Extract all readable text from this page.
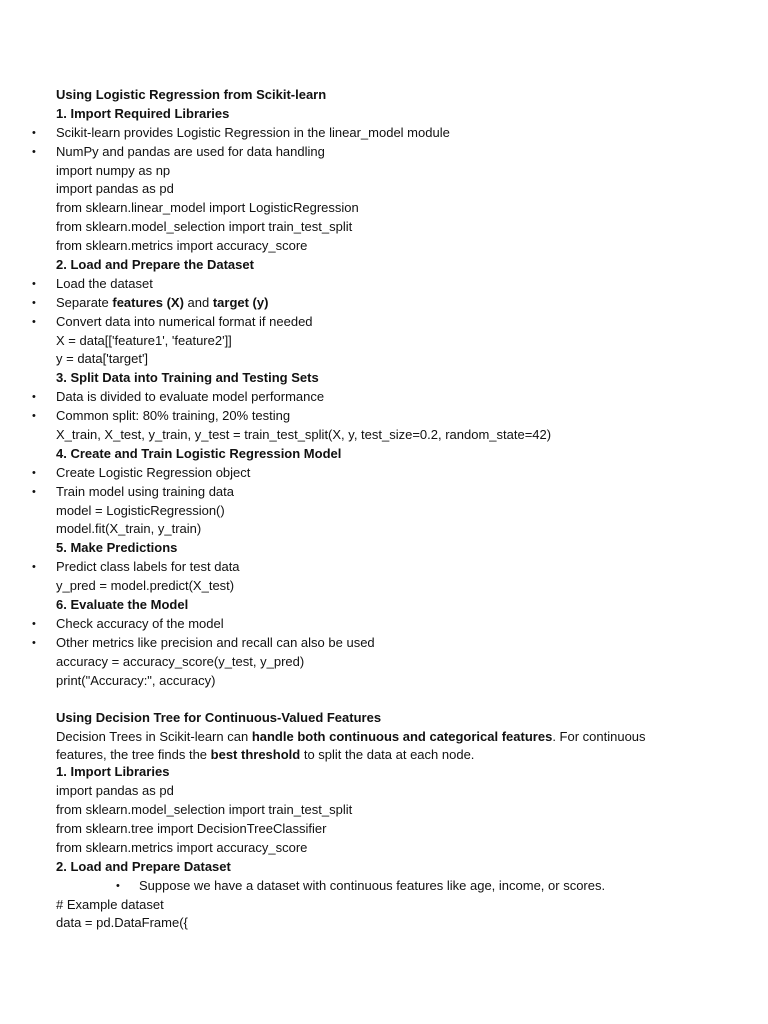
Using Logistic Regression from Scikit-learn
1. Import Required Libraries
• Scikit-learn provides Logistic Regression in the linear_model module
• NumPy and pandas are used for data handling
import numpy as np
import pandas as pd
from sklearn.linear_model import LogisticRegression
from sklearn.model_selection import train_test_split
from sklearn.metrics import accuracy_score
2. Load and Prepare the Dataset
• Load the dataset
• Separate features (X) and target (y)
• Convert data into numerical format if needed
X = data[['feature1', 'feature2']]
y = data['target']
3. Split Data into Training and Testing Sets
• Data is divided to evaluate model performance
• Common split: 80% training, 20% testing
X_train, X_test, y_train, y_test = train_test_split(X, y, test_size=0.2, random_state=42)
4. Create and Train Logistic Regression Model
• Create Logistic Regression object
• Train model using training data
model = LogisticRegression()
model.fit(X_train, y_train)
5. Make Predictions
• Predict class labels for test data
y_pred = model.predict(X_test)
6. Evaluate the Model
• Check accuracy of the model
• Other metrics like precision and recall can also be used
accuracy = accuracy_score(y_test, y_pred)
print("Accuracy:", accuracy)
Using Decision Tree for Continuous-Valued Features

Decision Trees in Scikit-learn can handle both continuous and categorical features. For continuous features, the tree finds the best threshold to split the data at each node.

1. Import Libraries
import pandas as pd
from sklearn.model_selection import train_test_split
from sklearn.tree import DecisionTreeClassifier
from sklearn.metrics import accuracy_score
2. Load and Prepare Dataset
• Suppose we have a dataset with continuous features like age, income, or scores.
# Example dataset
data = pd.DataFrame({
